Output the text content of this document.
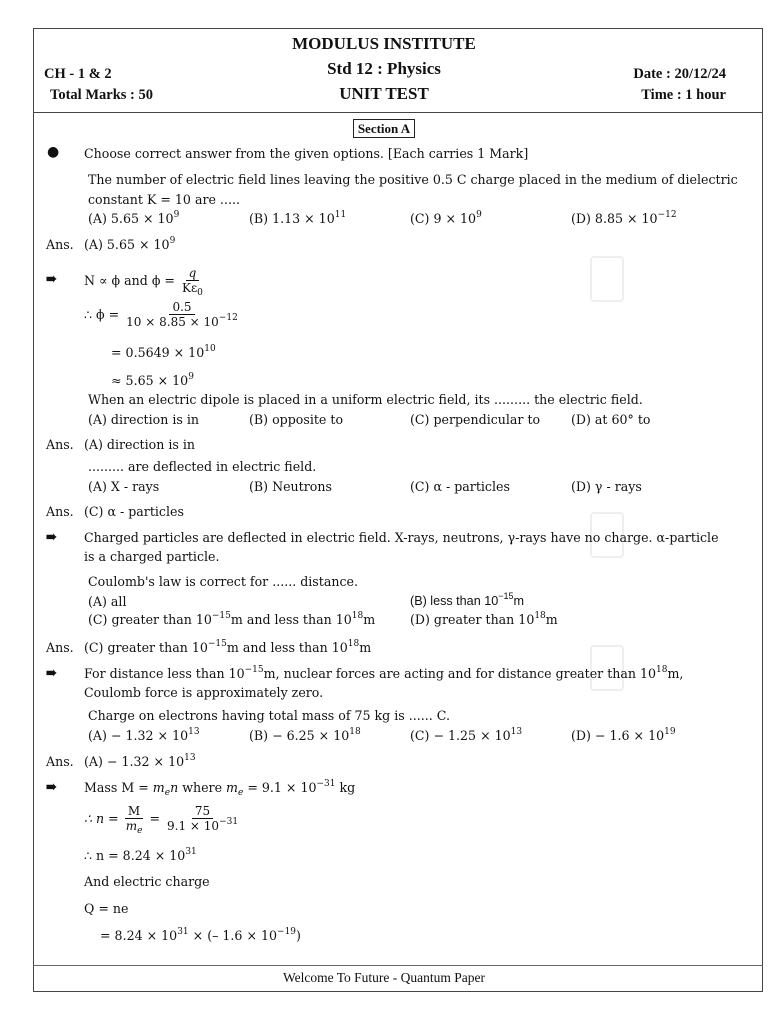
MODULUS INSTITUTE
Std 12 : Physics
UNIT TEST
CH - 1 & 2
Total Marks : 50
Date : 20/12/24
Time : 1 hour
Section A
● Choose correct answer from the given options. [Each carries 1 Mark]
The number of electric field lines leaving the positive 0.5 C charge placed in the medium of dielectric
constant K = 10 are .....
(A) $5.65 \times 10^9$	(B) $1.13 \times 10^{11}$	(C) $9 \times 10^9$	(D) $8.85 \times 10^{-12}$
Ans. (A) $5.65 \times 10^9$
➠ N ∝ ϕ and $\phi = \frac{q}{K\varepsilon_0}$
∴ $\phi = \frac{0.5}{10 \times 8.85 \times 10^{-12}}$
= $0.5649 \times 10^{10}$
≈ $5.65 \times 10^9$
When an electric dipole is placed in a uniform electric field, its ......... the electric field.
(A) direction is in	(B) opposite to	(C) perpendicular to (D) at 60° to
Ans. (A) direction is in
......... are deflected in electric field.
(A) X - rays	(B) Neutrons	(C) α - particles	(D) γ - rays
Ans. (C) α - particles
➠ Charged particles are deflected in electric field. X-rays, neutrons, γ-rays have no charge. α-particle
is a charged particle.
Coulomb's law is correct for ...... distance.
(A) all	(B) less than $10^{-15}m$
(C) greater than $10^{-15}m$ and less than $10^{18}m$	(D) greater than $10^{18}m$
Ans. (C) greater than $10^{-15}m$ and less than $10^{18}m$
➠ For distance less than $10^{-15}m$, nuclear forces are acting and for distance greater than $10^{18}m$,
Coulomb force is approximately zero.
Charge on electrons having total mass of 75 kg is ...... C.
$(A) - 1.32 \times 10^{13}$	$(B) - 6.25 \times 10^{18}$	$(C) - 1.25 \times 10^{13}$	$(D) - 1.6 \times 10^{19}$
Ans. $(A) - 1.32 \times 10^{13}$
➠ Mass $M = m_en$ where $m_e = 9.1 \times 10^{-31}$ kg
∴ $n = \frac{M}{m_e} = \frac{75}{9.1 \times 10^{-31}}$
∴ $n = 8.24 \times 10^{31}$
And electric charge
Q = ne
= $8.24 \times 10^{31}$ × (– $1.6 \times 10^{-19}$)
Welcome To Future - Quantum Paper
